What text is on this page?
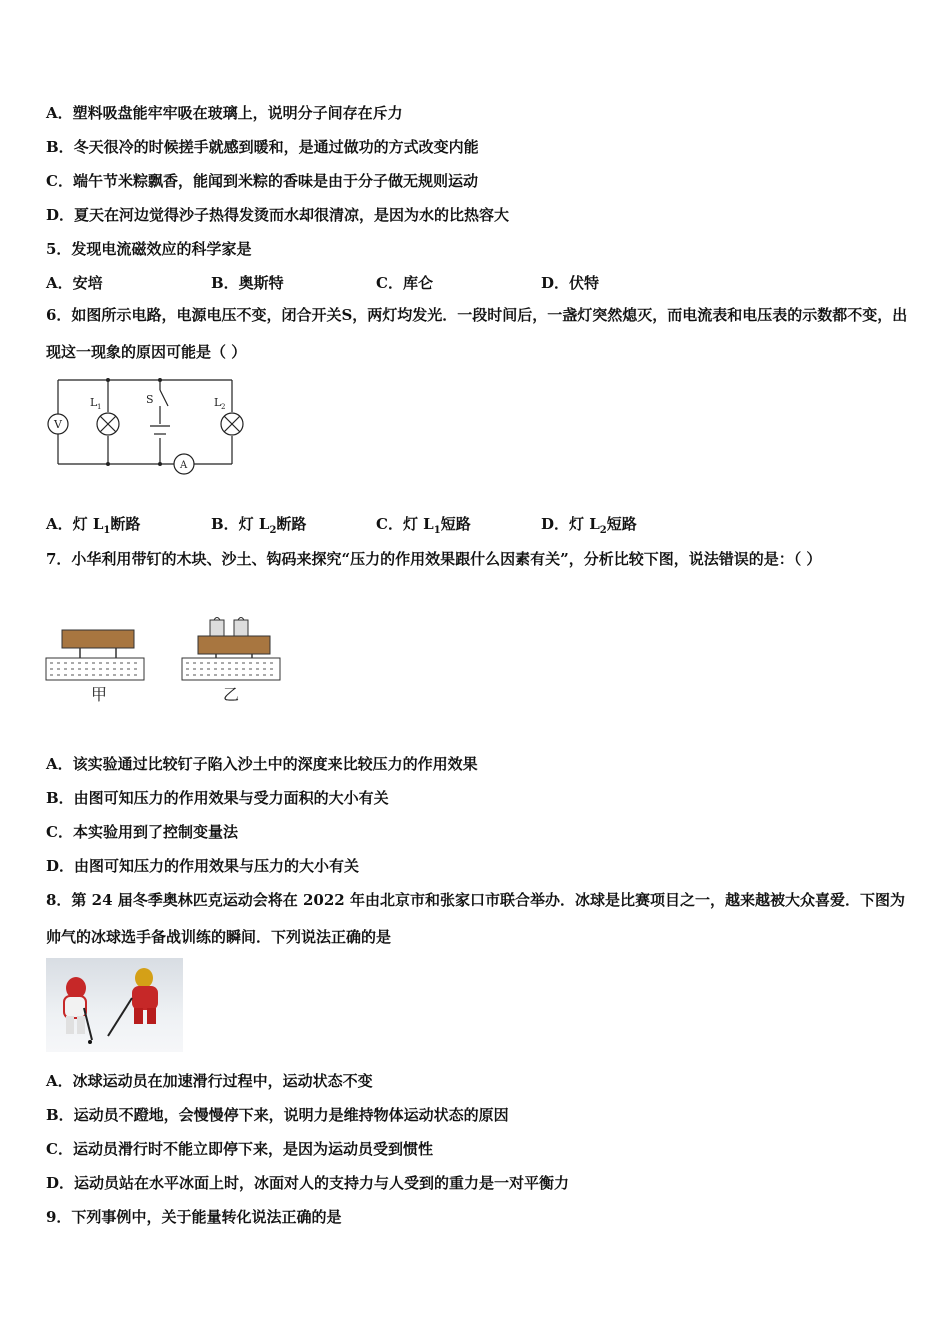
A．塑料吸盘能牢牢吸在玻璃上，说明分子间存在斥力
B．冬天很冷的时候搓手就感到暖和，是通过做功的方式改变内能
C．端午节米粽飘香，能闻到米粽的香味是由于分子做无规则运动
D．夏天在河边觉得沙子热得发烫而水却很清凉，是因为水的比热容大
5．发现电流磁效应的科学家是
A．安培	B．奥斯特	C．库仑	D．伏特
6．如图所示电路，电源电压不变，闭合开关S，两灯均发光．一段时间后，一盏灯突然熄灭，而电流表和电压表的示数都不变，出现这一现象的原因可能是（ ）
V
L 1
S	L 2
A
A．灯 $L_1$断路	B．灯 $L_2$断路	C．灯 $L_1$短路	D．灯 $L_2$短路
7．小华利用带钉的木块、沙土、钩码来探究“压力的作用效果跟什么因素有关”，分析比较下图，说法错误的是：（ ）
甲	乙
A．该实验通过比较钉子陷入沙土中的深度来比较压力的作用效果
B．由图可知压力的作用效果与受力面积的大小有关
C．本实验用到了控制变量法
D．由图可知压力的作用效果与压力的大小有关
8．第 24 届冬季奥林匹克运动会将在 2022 年由北京市和张家口市联合举办．冰球是比赛项目之一，越来越被大众喜爱．下图为帅气的冰球选手备战训练的瞬间．下列说法正确的是
A．冰球运动员在加速滑行过程中，运动状态不变
B．运动员不蹬地，会慢慢停下来，说明力是维持物体运动状态的原因
C．运动员滑行时不能立即停下来，是因为运动员受到惯性
D．运动员站在水平冰面上时，冰面对人的支持力与人受到的重力是一对平衡力
9．下列事例中，关于能量转化说法正确的是
